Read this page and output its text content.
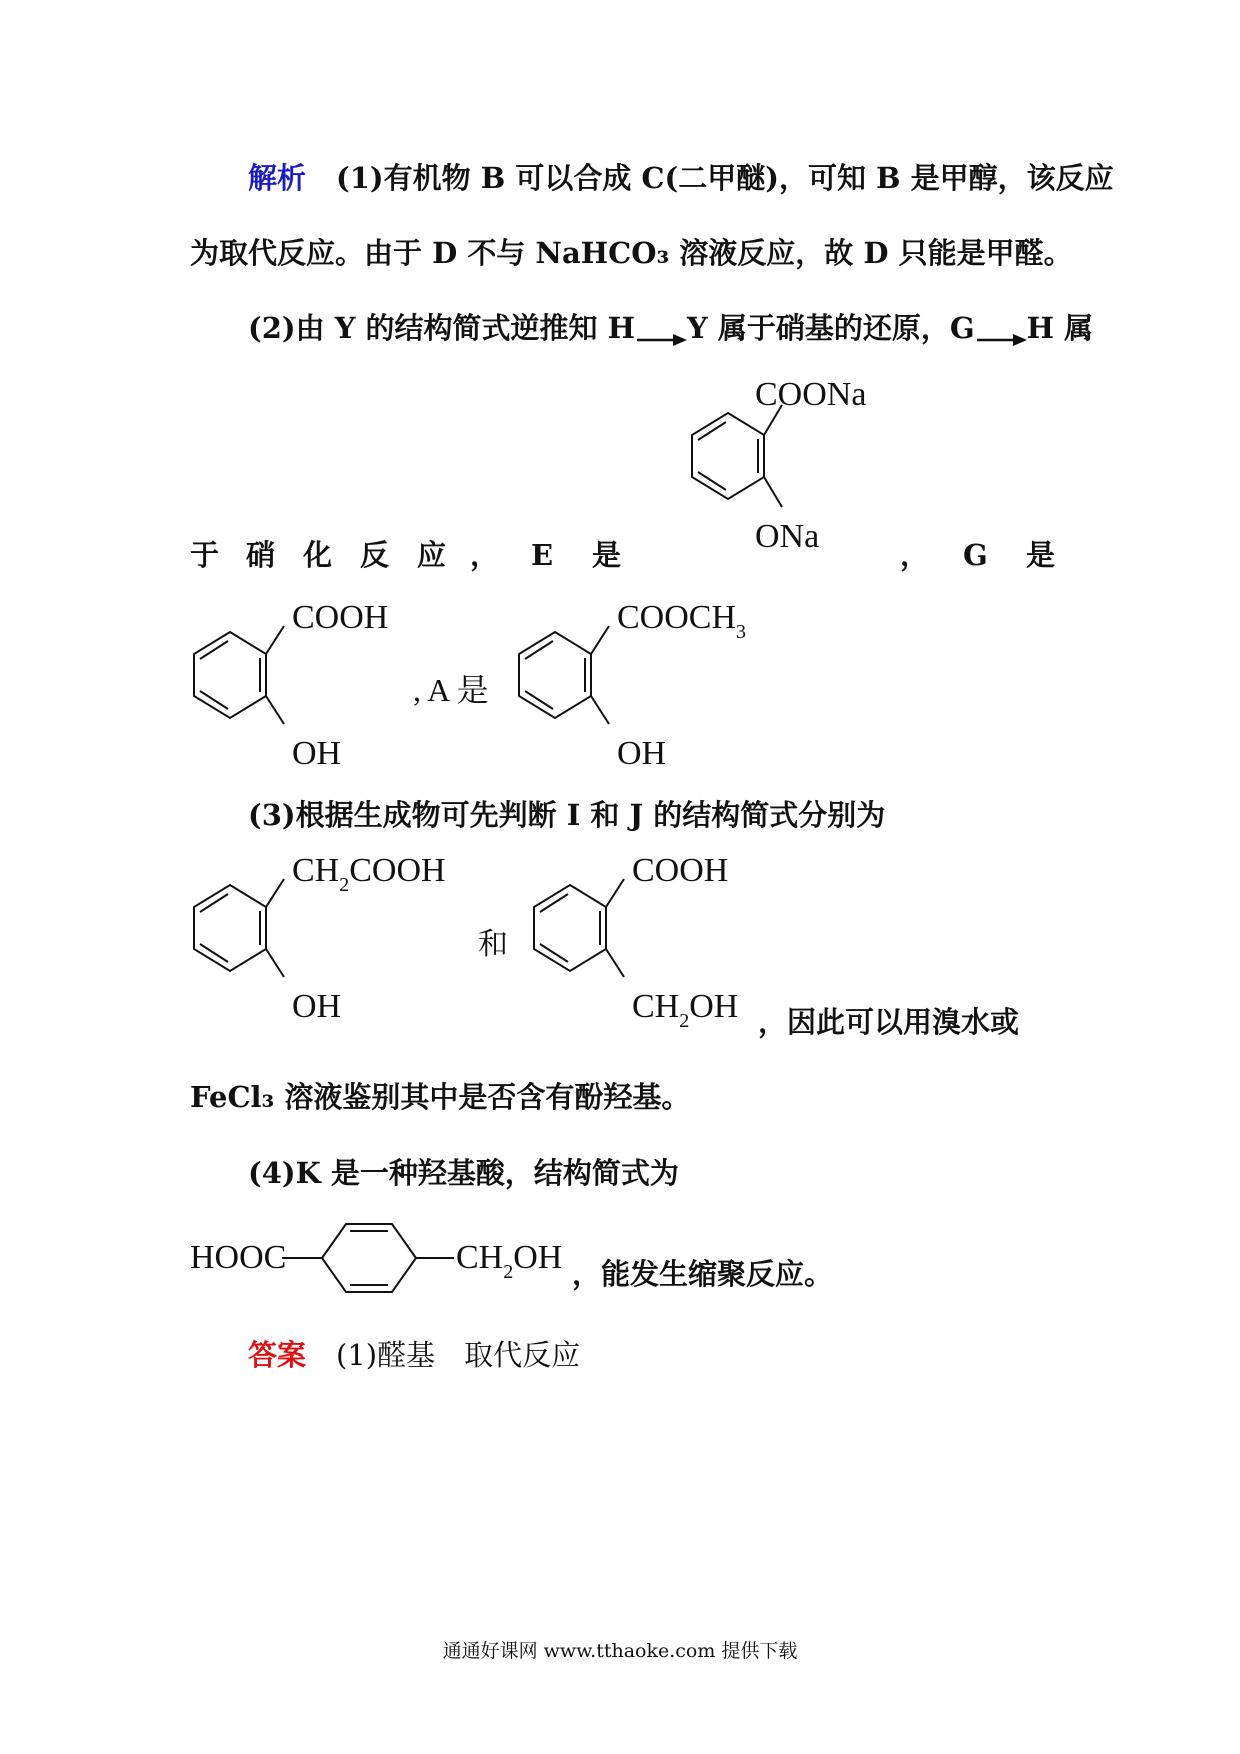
解析 (1)有机物 B 可以合成 C(二甲醚)，可知 B 是甲醇，该反应
为取代反应。由于 D 不与 NaHCO₃ 溶液反应，故 D 只能是甲醛。
(2)由 Y 的结构简式逆推知 H→Y 属于硝基的还原，G→H 属
COONa
ONa
于 硝 化 反 应 ， E 是	， G 是
COOH
OH
, A 是
$COOCH_3$
OH
(3)根据生成物可先判断 I 和 J 的结构简式分别为
$CH_2COOH$
OH
和
COOH
$CH_2OH$ ，因此可以用溴水或
FeCl₃ 溶液鉴别其中是否含有酚羟基。
(4)K 是一种羟基酸，结构简式为
HOOC	$CH_2OH$ ，能发生缩聚反应。
答案 (1)醛基　取代反应
通通好课网 www.tthaoke.com 提供下载
